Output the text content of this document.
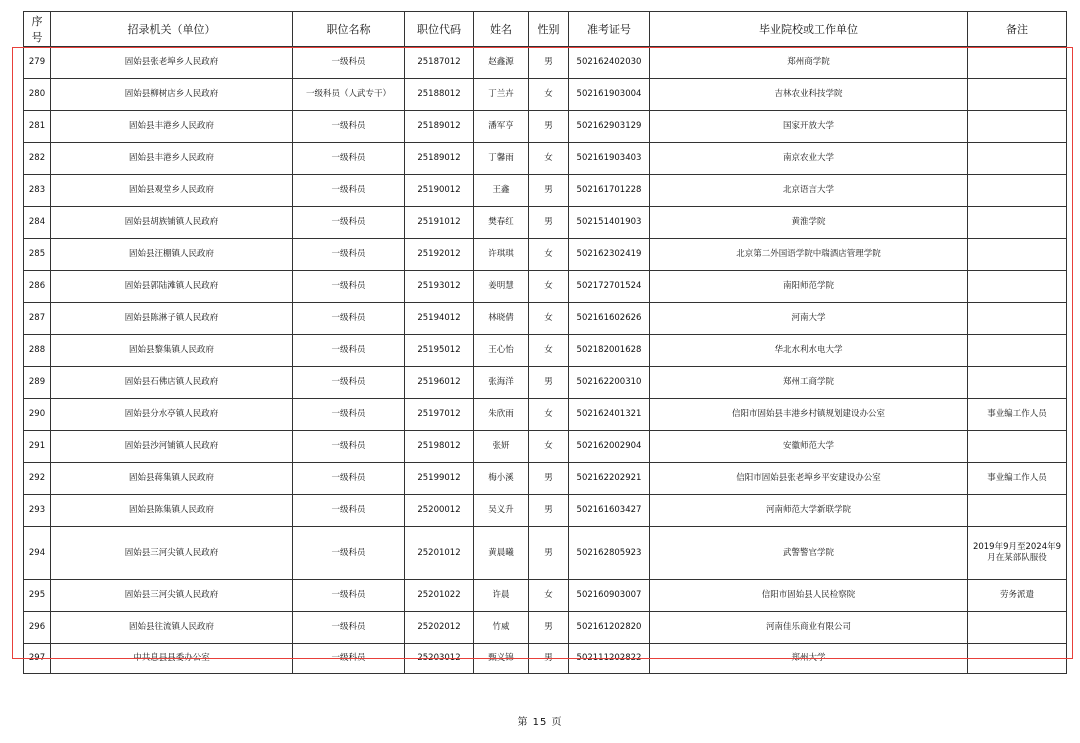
序号	招录机关（单位）	职位名称	职位代码	姓名	性别	准考证号	毕业院校或工作单位	备注
279	固始县张老埠乡人民政府	一级科员	25187012	赵鑫源	男	502162402030	郑州商学院	
280	固始县柳树店乡人民政府	一级科员（人武专干）	25188012	丁兰卉	女	502161903004	吉林农业科技学院	
281	固始县丰港乡人民政府	一级科员	25189012	潘军亨	男	502162903129	国家开放大学	
282	固始县丰港乡人民政府	一级科员	25189012	丁馨雨	女	502161903403	南京农业大学	
283	固始县观堂乡人民政府	一级科员	25190012	王鑫	男	502161701228	北京语言大学	
284	固始县胡族铺镇人民政府	一级科员	25191012	樊春红	男	502151401903	黄淮学院	
285	固始县汪棚镇人民政府	一级科员	25192012	许琪琪	女	502162302419	北京第二外国语学院中瑞酒店管理学院	
286	固始县郭陆滩镇人民政府	一级科员	25193012	姜明慧	女	502172701524	南阳师范学院	
287	固始县陈淋子镇人民政府	一级科员	25194012	林晓倩	女	502161602626	河南大学	
288	固始县黎集镇人民政府	一级科员	25195012	王心怡	女	502182001628	华北水利水电大学	
289	固始县石佛店镇人民政府	一级科员	25196012	张海洋	男	502162200310	郑州工商学院	
290	固始县分水亭镇人民政府	一级科员	25197012	朱欣雨	女	502162401321	信阳市固始县丰港乡村镇规划建设办公室	事业编工作人员
291	固始县沙河铺镇人民政府	一级科员	25198012	张妍	女	502162002904	安徽师范大学	
292	固始县蒋集镇人民政府	一级科员	25199012	梅小溪	男	502162202921	信阳市固始县张老埠乡平安建设办公室	事业编工作人员
293	固始县陈集镇人民政府	一级科员	25200012	吴义升	男	502161603427	河南师范大学新联学院	
294	固始县三河尖镇人民政府	一级科员	25201012	黄晨曦	男	502162805923	武警警官学院	2019年9月至2024年9月在某部队服役
295	固始县三河尖镇人民政府	一级科员	25201022	许晨	女	502160903007	信阳市固始县人民检察院	劳务派遣
296	固始县往流镇人民政府	一级科员	25202012	竹威	男	502161202820	河南佳乐商业有限公司	
297	中共息县县委办公室	一级科员	25203012	甄义锦	男	502111202822	郑州大学	
第 15 页
